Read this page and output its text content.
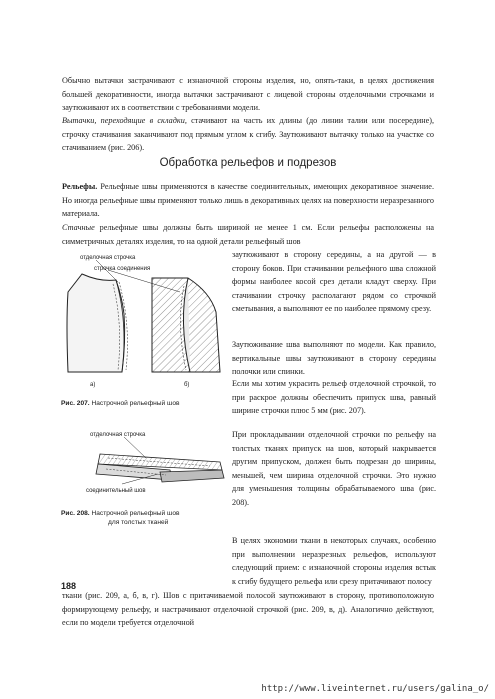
Обычно вытачки застрачивают с изнаночной стороны изделия, но, опять-таки, в целях достижения большей декоративности, иногда вытачки застрачивают с лицевой стороны отделочными строчками и заутюживают их в соответствии с требованиями модели.

Вытачки, переходящие в складки, стачивают на часть их длины (до линии талии или посередине), строчку стачивания заканчивают под прямым углом к сгибу. Заутюживают вытачку только на участке со стачиванием (рис. 206).

Обработка рельефов и подрезов

Рельефы. Рельефные швы применяются в качестве соединительных, имеющих декоративное значение. Но иногда рельефные швы применяют только лишь в декоративных целях на поверхности неразрезанного материала.

Стачные рельефные швы должны быть шириной не менее 1 см. Если рельефы расположены на симметричных деталях изделия, то на одной детали рельефный шов

заутюживают в сторону середины, а на другой — в сторону боков. При стачивании рельефного шва сложной формы наиболее косой срез детали кладут сверху. При стачивании строчку располагают рядом со строчкой сметывания, а выполняют ее по наиболее прямому срезу.

Заутюживание шва выполняют по модели. Как правило, вертикальные швы заутюживают в сторону середины полочки или спинки.

Если мы хотим украсить рельеф отделочной строчкой, то при раскрое должны обеспечить припуск шва, равный ширине строчки плюс 5 мм (рис. 207).

При прокладывании отделочной строчки по рельефу на толстых тканях припуск на шов, который накрывается другим припуском, должен быть подрезан до ширины, меньшей, чем ширина отделочной строчки. Это нужно для уменьшения толщины обрабатываемого шва (рис. 208).

В целях экономии ткани в некоторых случаях, особенно при выполнении неразрезных рельефов, используют следующий прием: с изнаночной стороны изделия встык к сгибу будущего рельефа или срезу притачивают полосу

ткани (рис. 209, а, б, в, г). Шов с притачиваемой полосой заутюживают в сторону, противоположную формирующему рельефу, и настрачивают отделочной строчкой (рис. 209, в, д). Аналогично действуют, если по модели требуется отделочной

отделочная строчка
строчка соединения
а)	б)
Рис. 207. Настрочной рельефный шов
отделочная строчка
соединительный шов
Рис. 208. Настрочной рельефный шов
для толстых тканей
188
http://www.liveinternet.ru/users/galina_o/
